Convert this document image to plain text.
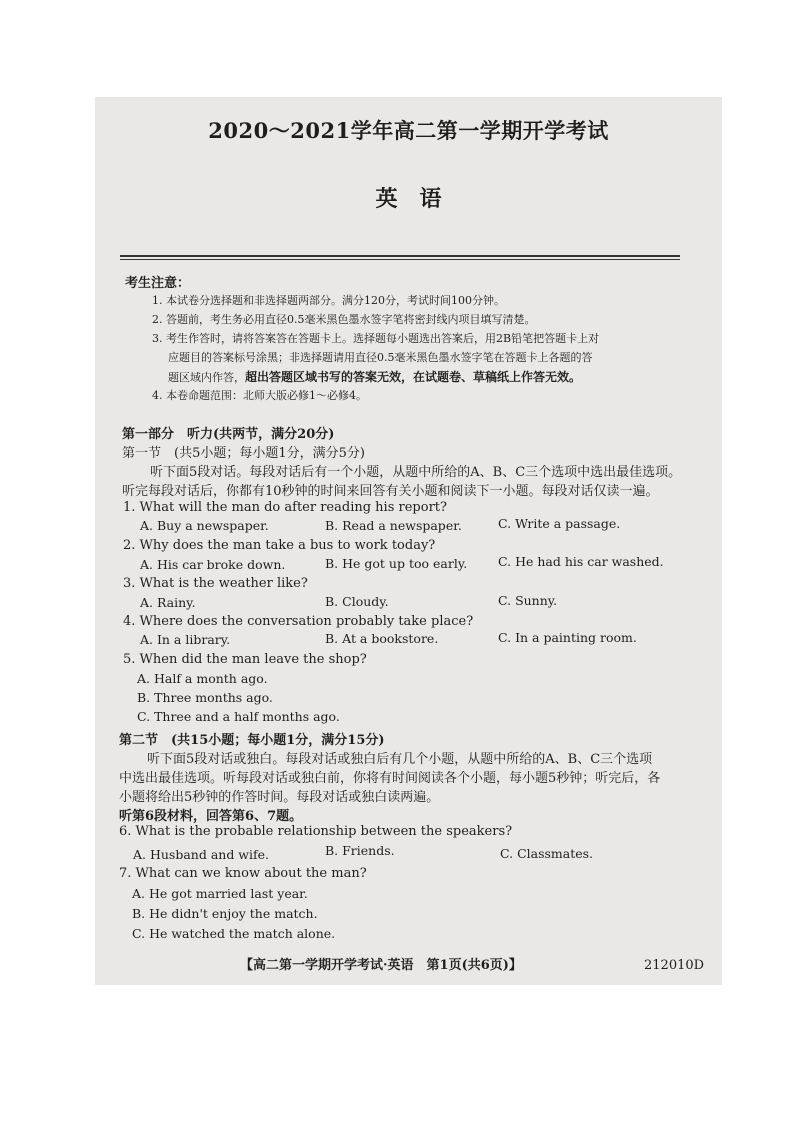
2020～2021学年高二第一学期开学考试
英语
考生注意：
1. 本试卷分选择题和非选择题两部分。满分120分，考试时间100分钟。
2. 答题前，考生务必用直径0.5毫米黑色墨水签字笔将密封线内项目填写清楚。
3. 考生作答时，请将答案答在答题卡上。选择题每小题选出答案后，用2B铅笔把答题卡上对
应题目的答案标号涂黑；非选择题请用直径0.5毫米黑色墨水签字笔在答题卡上各题的答
题区域内作答，超出答题区域书写的答案无效，在试题卷、草稿纸上作答无效。
4. 本卷命题范围：北师大版必修1～必修4。
第一部分　听力(共两节，满分20分)
第一节　(共5小题；每小题1分，满分5分)
听下面5段对话。每段对话后有一个小题，从题中所给的A、B、C三个选项中选出最佳选项。
听完每段对话后，你都有10秒钟的时间来回答有关小题和阅读下一小题。每段对话仅读一遍。
1. What will the man do after reading his report?
A. Buy a newspaper.	B. Read a newspaper.	C. Write a passage.
2. Why does the man take a bus to work today?
A. His car broke down.	B. He got up too early. C. He had his car washed.
3. What is the weather like?
A. Rainy.	B. Cloudy.	C. Sunny.
4. Where does the conversation probably take place?
A. In a library.	B. At a bookstore.	C. In a painting room.
5. When did the man leave the shop?
A. Half a month ago.
B. Three months ago.
C. Three and a half months ago.
第二节　(共15小题；每小题1分，满分15分)
听下面5段对话或独白。每段对话或独白后有几个小题，从题中所给的A、B、C三个选项
中选出最佳选项。听每段对话或独白前，你将有时间阅读各个小题，每小题5秒钟；听完后，各
小题将给出5秒钟的作答时间。每段对话或独白读两遍。
听第6段材料，回答第6、7题。
6. What is the probable relationship between the speakers?
A. Husband and wife.	B. Friends.	C. Classmates.
7. What can we know about the man?
A. He got married last year.
B. He didn't enjoy the match.
C. He watched the match alone.
【高二第一学期开学考试·英语　第1页(共6页)】	212010D
